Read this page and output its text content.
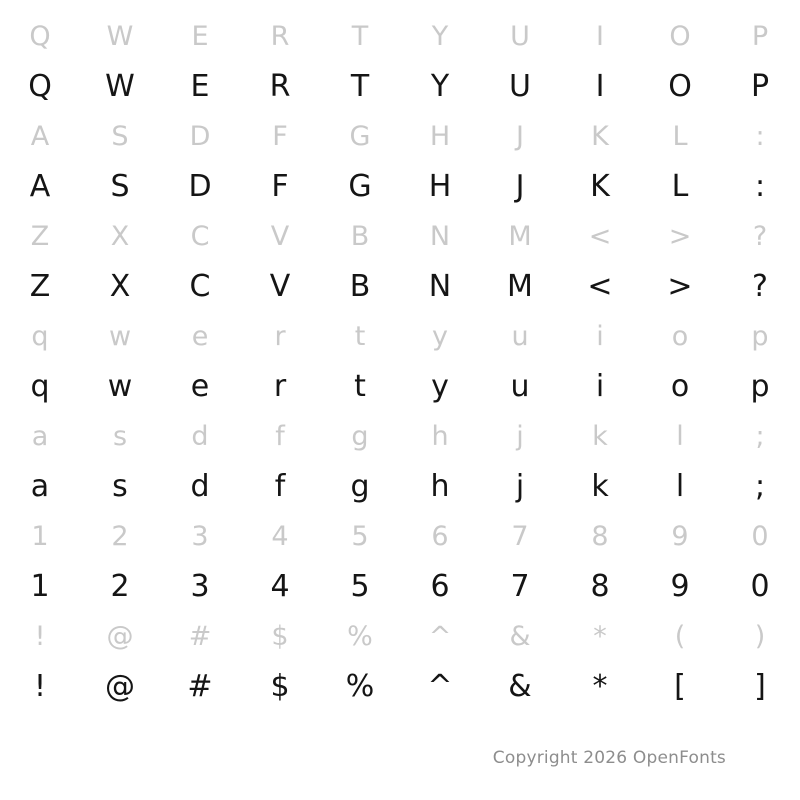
Q	W	E	R	T	Y	U	I	O	P
Q	W	E	R	T	Y	U	I	O	P
A	S	D	F	G	H	J	K	L	:
A	S	D	F	G	H	J	K	L	:
Z	X	C	V	B	N	M	<	>	?
Z	X	C	V	B	N	M	<	>	?
q	w	e	r	t	y	u	i	o	p
q	w	e	r	t	y	u	i	o	p
a	s	d	f	g	h	j	k	l	;
a	s	d	f	g	h	j	k	l	;
1	2	3	4	5	6	7	8	9	0
1	2	3	4	5	6	7	8	9	0
!	@	#	$	%	^	&	*	(	)
!	@	#	$	%	^	&	*	[	]
Copyright 2026 OpenFonts
